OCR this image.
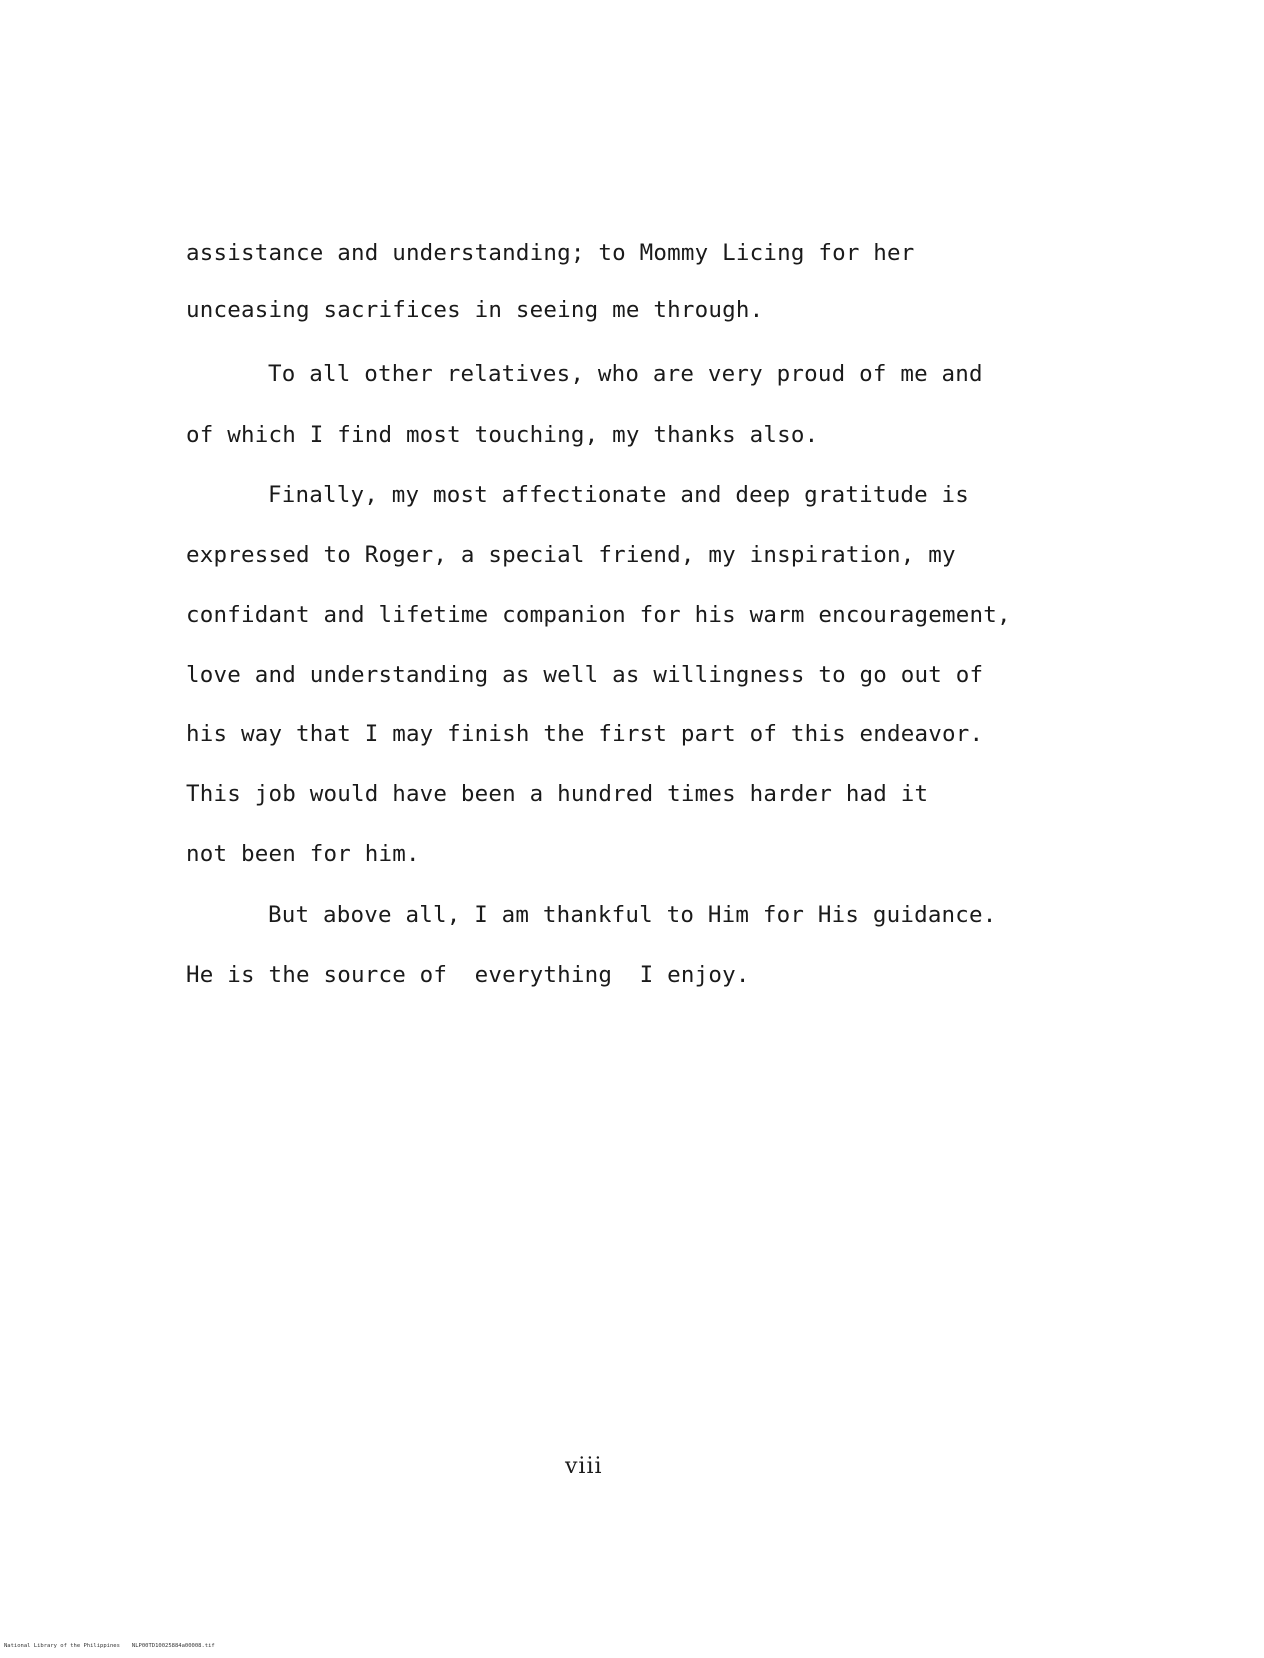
assistance and understanding; to Mommy Licing for her
unceasing sacrifices in seeing me through.
To all other relatives, who are very proud of me and
of which I find most touching, my thanks also.
Finally, my most affectionate and deep gratitude is
expressed to Roger, a special friend, my inspiration, my
confidant and lifetime companion for his warm encouragement,
love and understanding as well as willingness to go out of
his way that I may finish the first part of this endeavor.
This job would have been a hundred times harder had it
not been for him.
But above all, I am thankful to Him for His guidance.
He is the source of  everything  I enjoy.
viii
National Library of the Philippines NLP00TD10025884a00008.tif
